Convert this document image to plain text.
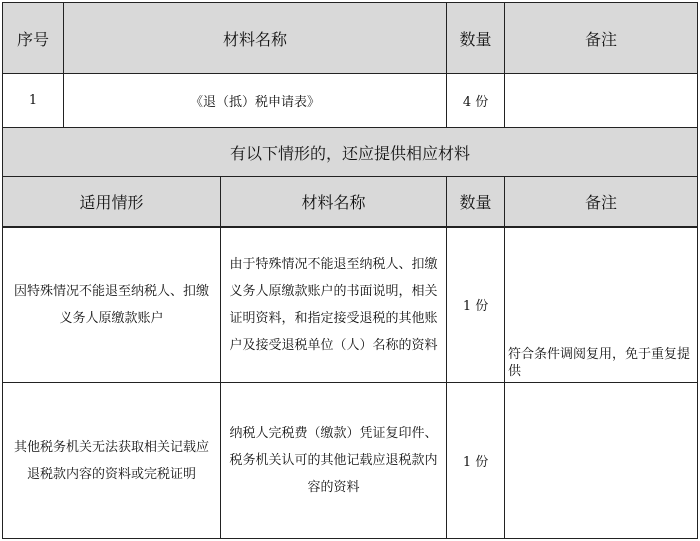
序号	材料名称		数量	备注
1	《退（抵）税申请表》		4 份	
有以下情形的，还应提供相应材料				
适用情形		材料名称	数量	备注
因特殊情况不能退至纳税人、扣缴义务人原缴款账户		由于特殊情况不能退至纳税人、扣缴义务人原缴款账户的书面说明，相关证明资料，和指定接受退税的其他账户及接受退税单位（人）名称的资料	1 份	符合条件调阅复用，免于重复提供
其他税务机关无法获取相关记载应退税款内容的资料或完税证明		纳税人完税费（缴款）凭证复印件、税务机关认可的其他记载应退税款内容的资料	1 份	
